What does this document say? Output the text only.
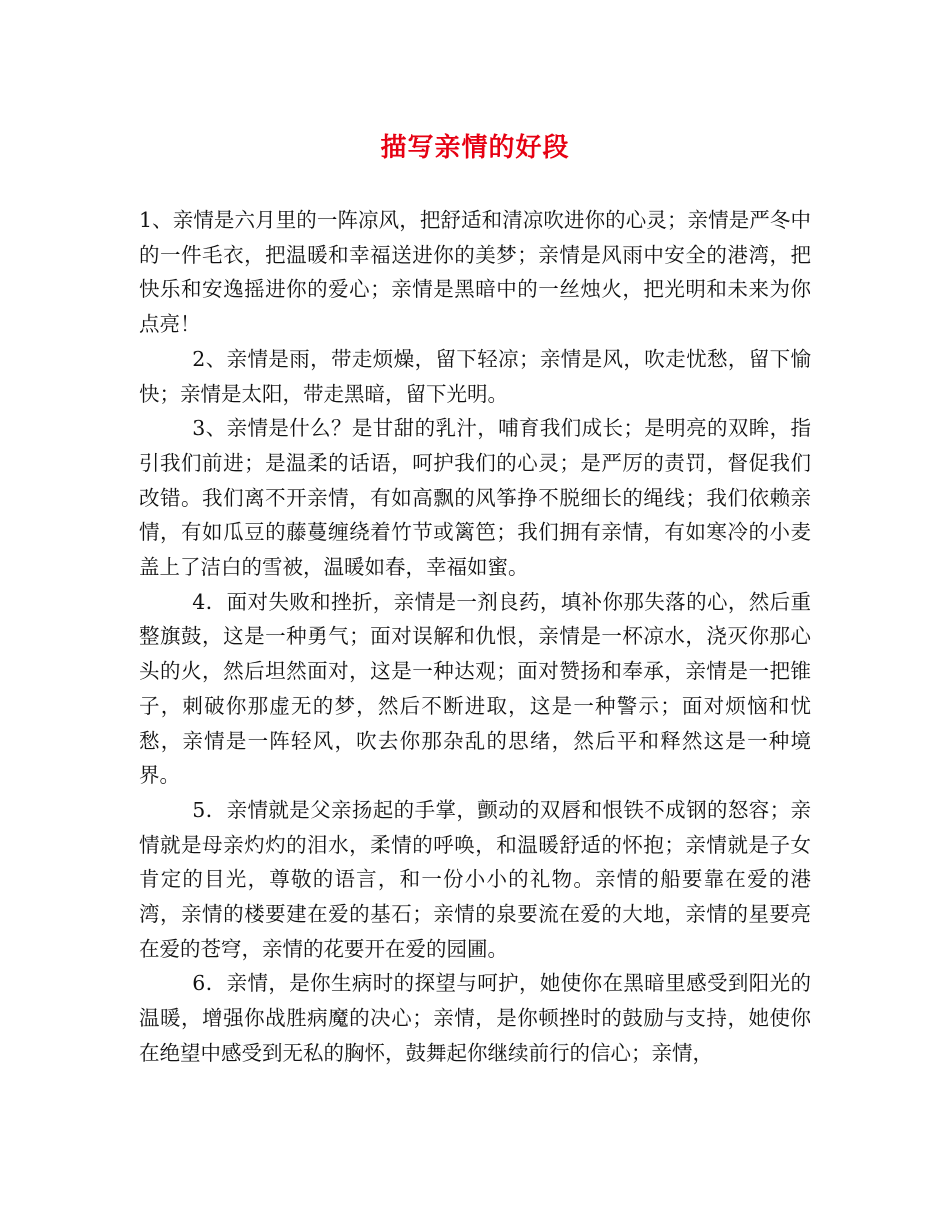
描写亲情的好段

1、亲情是六月里的一阵凉风，把舒适和清凉吹进你的心灵；亲情是严冬中的一件毛衣，把温暖和幸福送进你的美梦；亲情是风雨中安全的港湾，把快乐和安逸摇进你的爱心；亲情是黑暗中的一丝烛火，把光明和未来为你点亮！

2、亲情是雨，带走烦燥，留下轻凉；亲情是风，吹走忧愁，留下愉快；亲情是太阳，带走黑暗，留下光明。

3、亲情是什么？是甘甜的乳汁，哺育我们成长；是明亮的双眸，指引我们前进；是温柔的话语，呵护我们的心灵；是严厉的责罚，督促我们改错。我们离不开亲情，有如高飘的风筝挣不脱细长的绳线；我们依赖亲情，有如瓜豆的藤蔓缠绕着竹节或篱笆；我们拥有亲情，有如寒冷的小麦盖上了洁白的雪被，温暖如春，幸福如蜜。

4．面对失败和挫折，亲情是一剂良药，填补你那失落的心，然后重整旗鼓，这是一种勇气；面对误解和仇恨，亲情是一杯凉水，浇灭你那心头的火，然后坦然面对，这是一种达观；面对赞扬和奉承，亲情是一把锥子，刺破你那虚无的梦，然后不断进取，这是一种警示；面对烦恼和忧愁，亲情是一阵轻风，吹去你那杂乱的思绪，然后平和释然这是一种境界。

5．亲情就是父亲扬起的手掌，颤动的双唇和恨铁不成钢的怒容；亲情就是母亲灼灼的泪水，柔情的呼唤，和温暖舒适的怀抱；亲情就是子女肯定的目光，尊敬的语言，和一份小小的礼物。亲情的船要靠在爱的港湾，亲情的楼要建在爱的基石；亲情的泉要流在爱的大地，亲情的星要亮在爱的苍穹，亲情的花要开在爱的园圃。

6．亲情，是你生病时的探望与呵护，她使你在黑暗里感受到阳光的温暖，增强你战胜病魔的决心；亲情，是你顿挫时的鼓励与支持，她使你在绝望中感受到无私的胸怀，鼓舞起你继续前行的信心；亲情，
